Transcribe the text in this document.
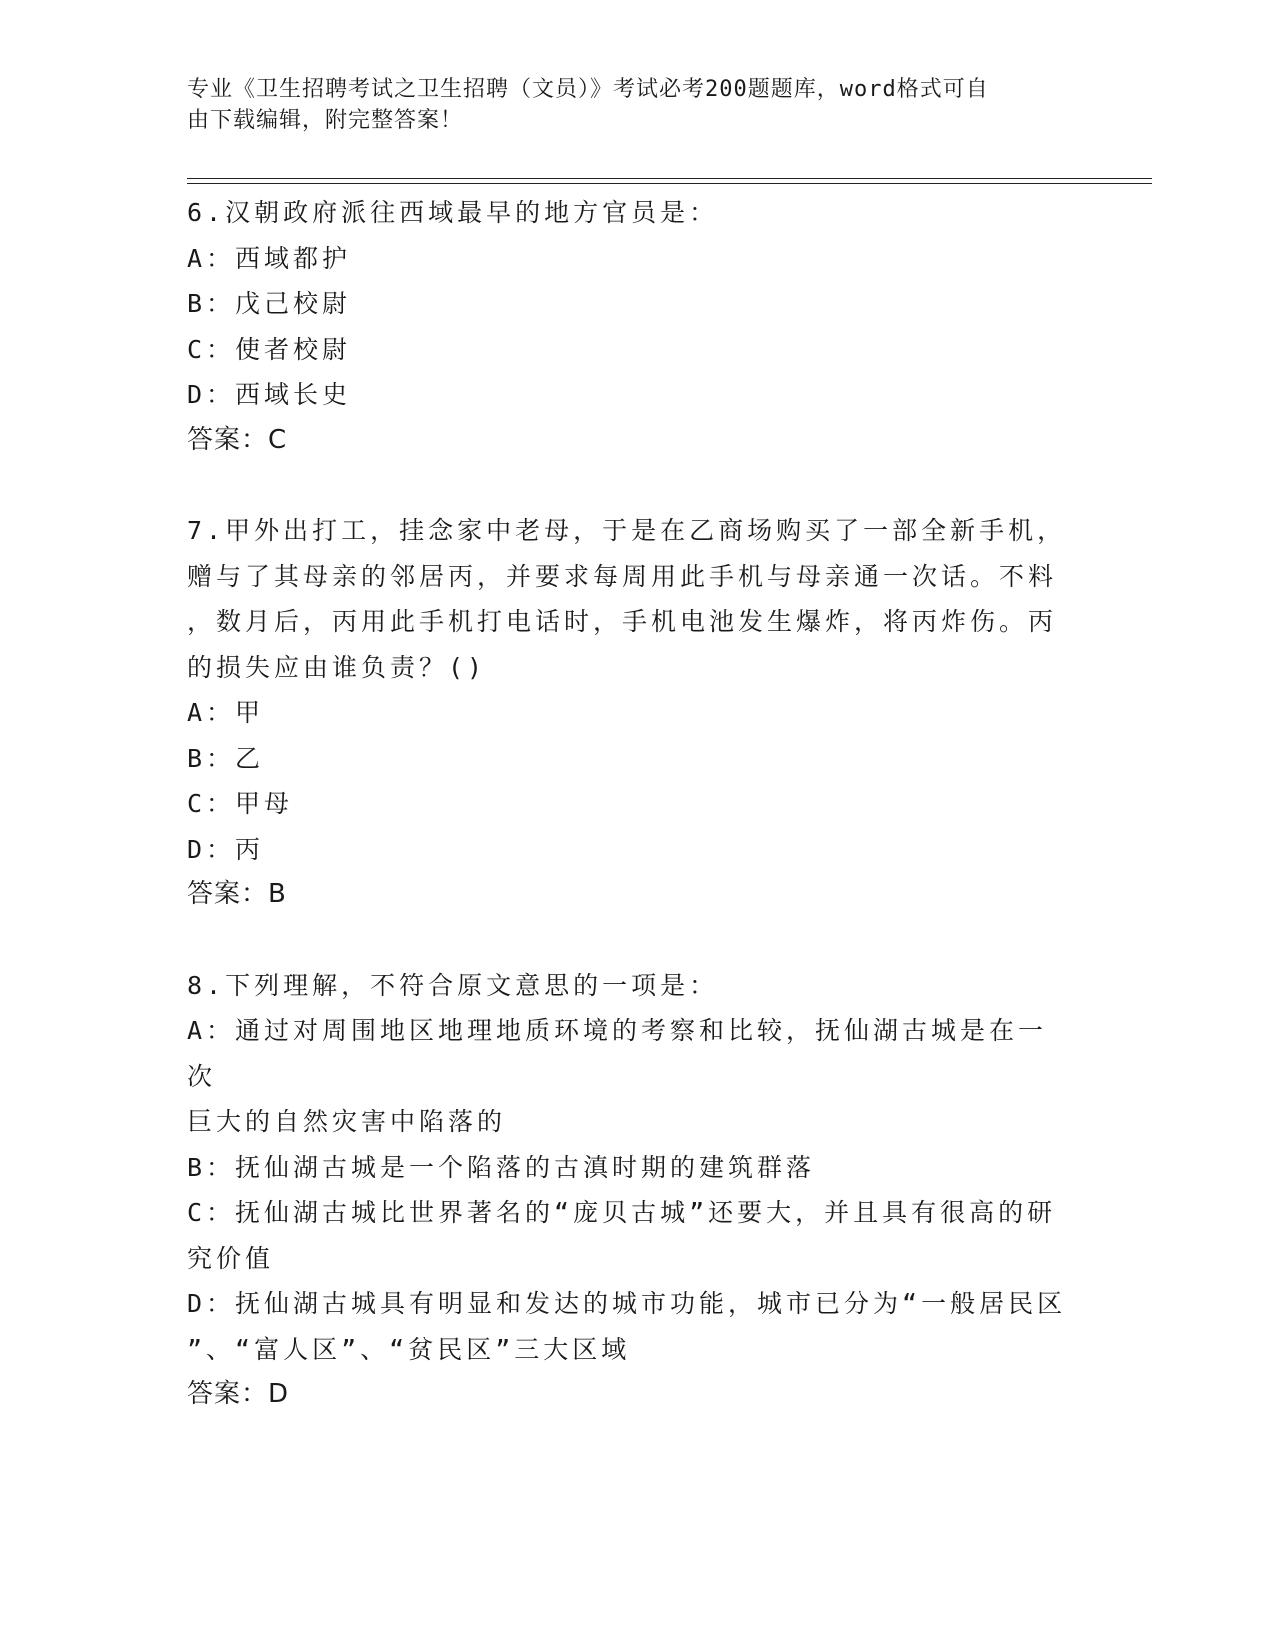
专业《卫生招聘考试之卫生招聘（文员）》考试必考200题题库，word格式可自
由下载编辑，附完整答案！
6.汉朝政府派往西域最早的地方官员是：
A：西域都护
B：戊己校尉
C：使者校尉
D：西域长史
答案：C
7.甲外出打工，挂念家中老母，于是在乙商场购买了一部全新手机，
赠与了其母亲的邻居丙，并要求每周用此手机与母亲通一次话。不料
，数月后，丙用此手机打电话时，手机电池发生爆炸，将丙炸伤。丙
的损失应由谁负责？()
A：甲
B：乙
C：甲母
D：丙
答案：B
8.下列理解，不符合原文意思的一项是：
A：通过对周围地区地理地质环境的考察和比较，抚仙湖古城是在一次
巨大的自然灾害中陷落的
B：抚仙湖古城是一个陷落的古滇时期的建筑群落
C：抚仙湖古城比世界著名的“庞贝古城”还要大，并且具有很高的研
究价值
D：抚仙湖古城具有明显和发达的城市功能，城市已分为“一般居民区
”、“富人区”、“贫民区”三大区域
答案：D
